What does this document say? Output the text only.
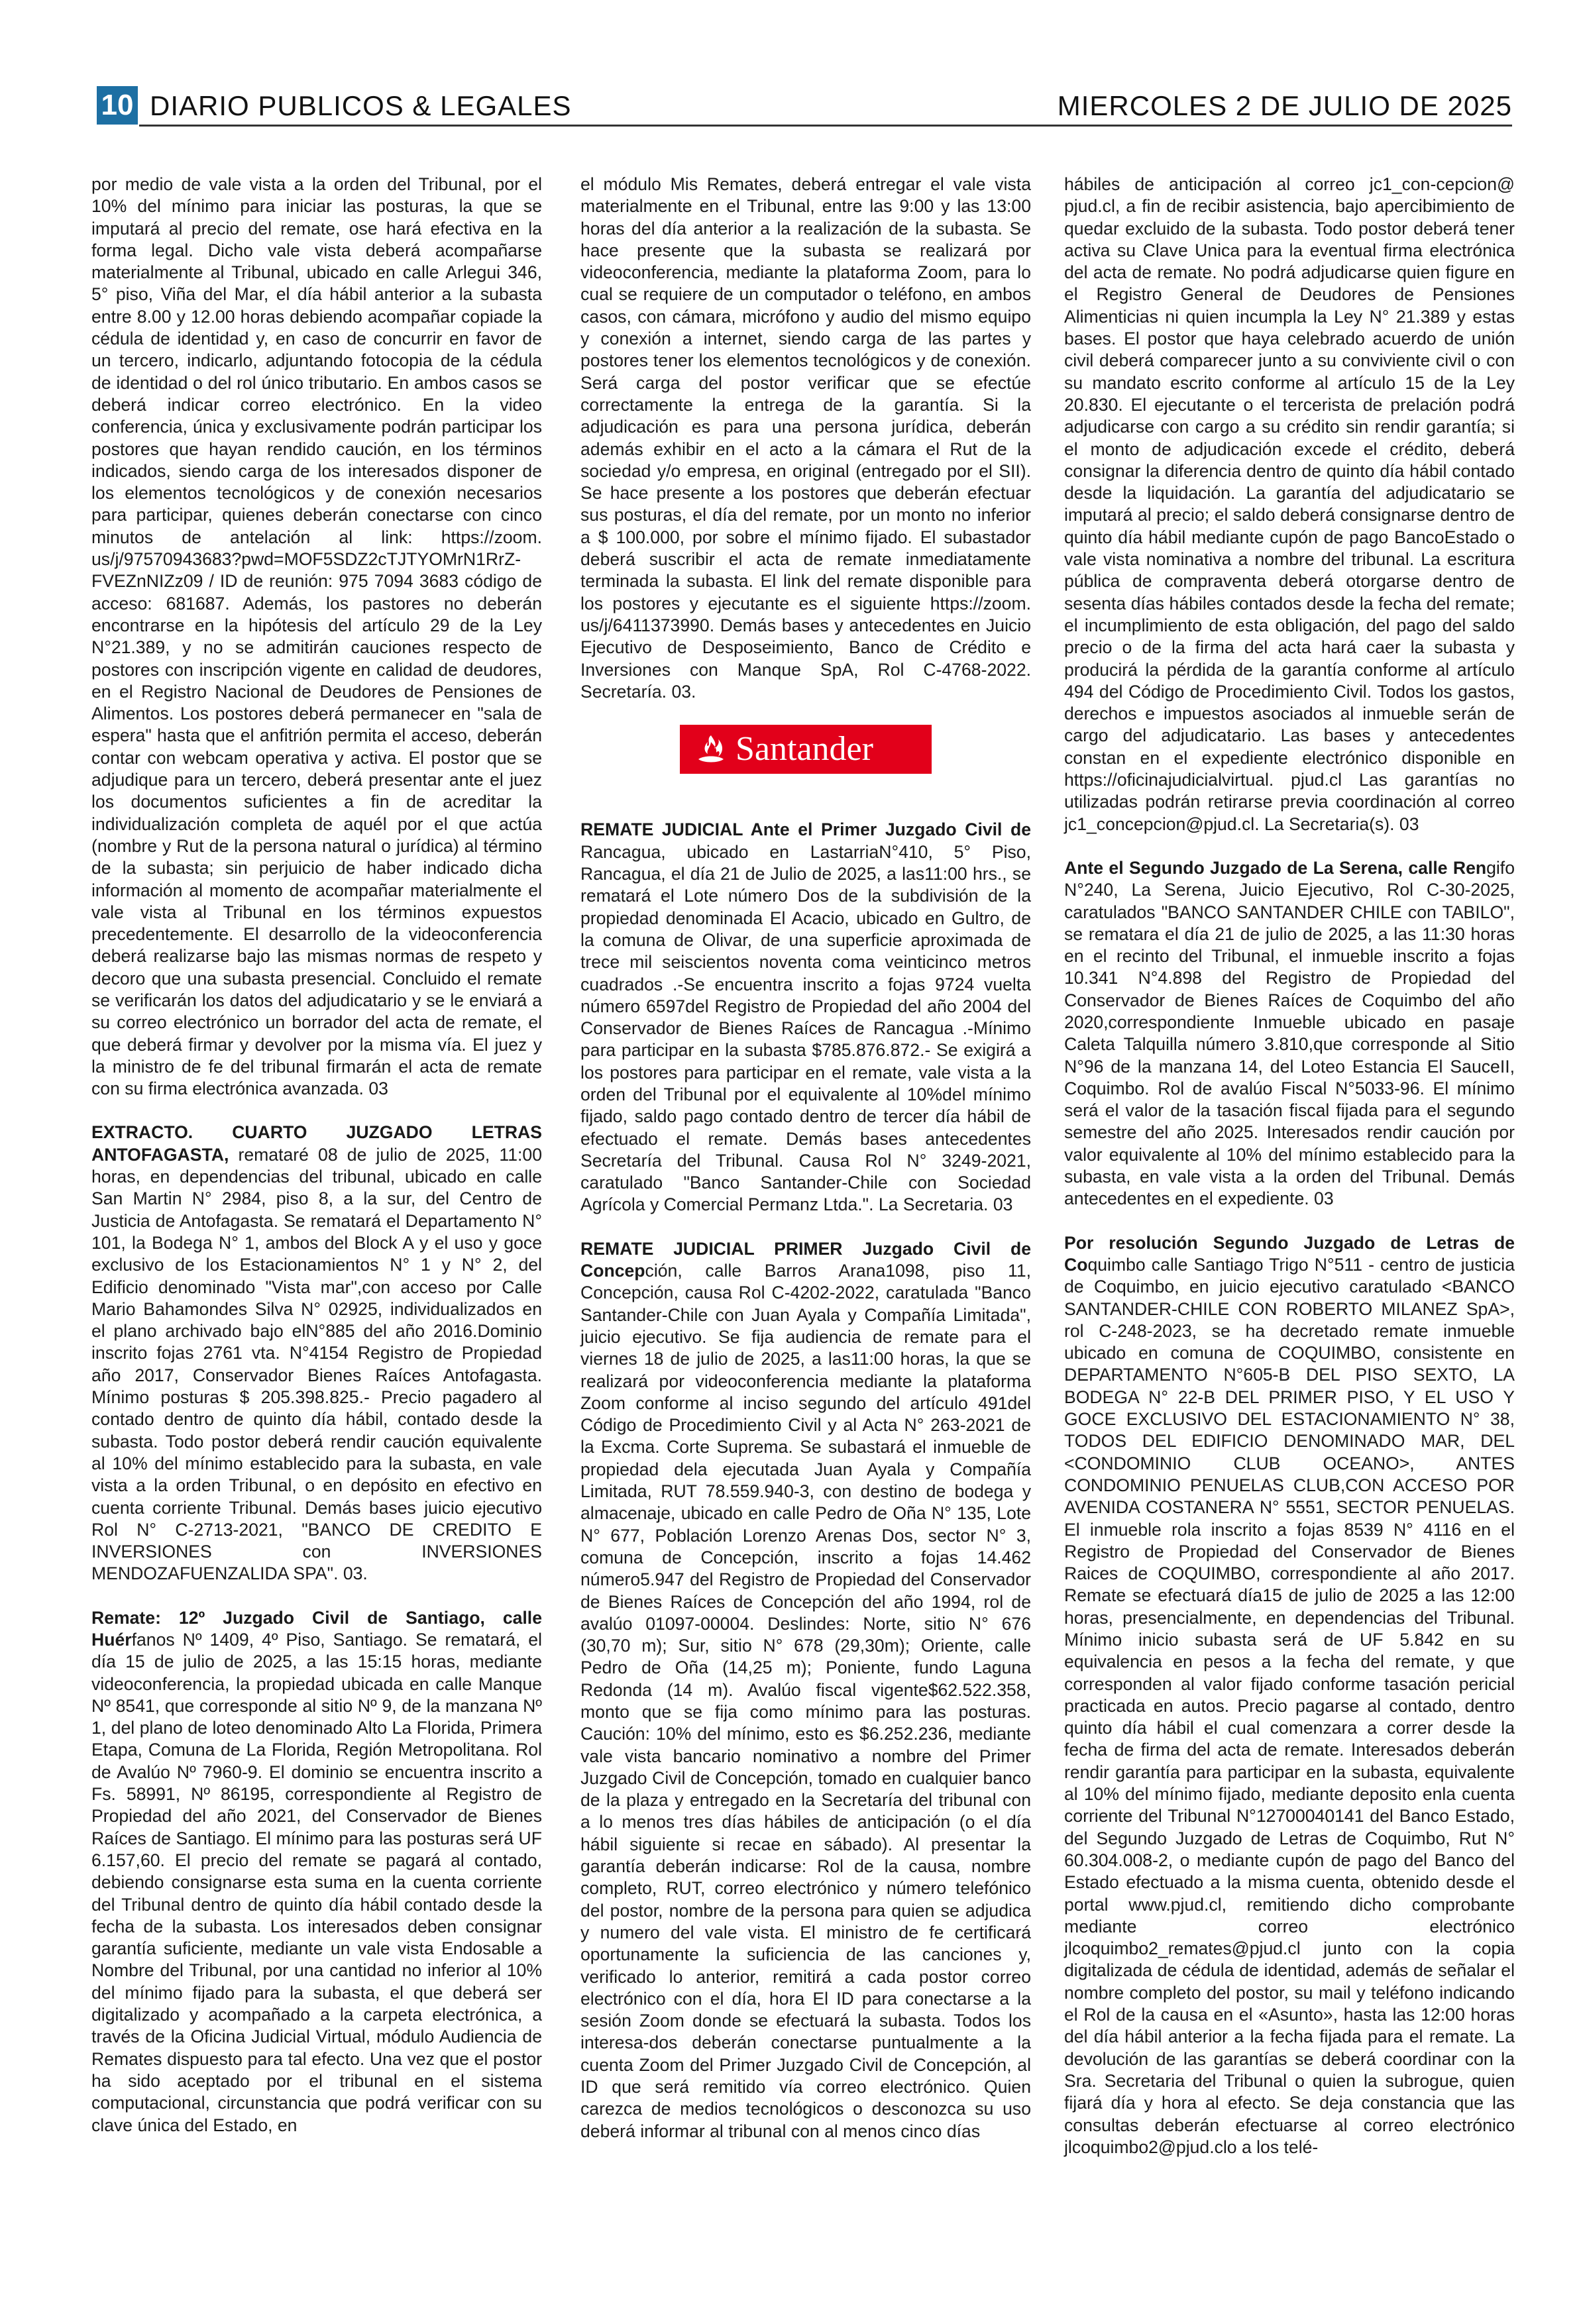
10 DIARIO PUBLICOS & LEGALES	MIERCOLES 2 DE JULIO DE 2025

por medio de vale vista a la orden del Tribunal, por el 10% del mínimo para iniciar las posturas, la que se imputará al precio del remate, ose hará efectiva en la forma legal. Dicho vale vista deberá acompañarse materialmente al Tribunal, ubicado en calle Arlegui 346, 5° piso, Viña del Mar, el día hábil anterior a la subasta entre 8.00 y 12.00 horas debiendo acompañar copiade la cédula de identidad y, en caso de concurrir en favor de un tercero, indicarlo, adjuntando fotocopia de la cédula de identidad o del rol único tributario. En ambos casos se deberá indicar correo electrónico. En la video conferencia, única y exclusivamente podrán participar los postores que hayan rendido caución, en los términos indicados, siendo carga de los interesados disponer de los elementos tecnológicos y de conexión necesarios para participar, quienes deberán conectarse con cinco minutos de antelación al link: https://zoom. us/j/97570943683?pwd=MOF5SDZ2cTJTYOMrN1RrZ-FVEZnNIZz09 / ID de reunión: 975 7094 3683 código de acceso: 681687. Además, los pastores no deberán encontrarse en la hipótesis del artículo 29 de la Ley N°21.389, y no se admitirán cauciones respecto de postores con inscripción vigente en calidad de deudores, en el Registro Nacional de Deudores de Pensiones de Alimentos. Los postores deberá permanecer en "sala de espera" hasta que el anfitrión permita el acceso, deberán contar con webcam operativa y activa. El postor que se adjudique para un tercero, deberá presentar ante el juez los documentos suficientes a fin de acreditar la individualización completa de aquél por el que actúa (nombre y Rut de la persona natural o jurídica) al término de la subasta; sin perjuicio de haber indicado dicha información al momento de acompañar materialmente el vale vista al Tribunal en los términos expuestos precedentemente. El desarrollo de la videoconferencia deberá realizarse bajo las mismas normas de respeto y decoro que una subasta presencial. Concluido el remate se verificarán los datos del adjudicatario y se le enviará a su correo electrónico un borrador del acta de remate, el que deberá firmar y devolver por la misma vía. El juez y la ministro de fe del tribunal firmarán el acta de remate con su firma electrónica avanzada. 03

EXTRACTO. CUARTO JUZGADO LETRAS ANTOFAGASTA, remataré 08 de julio de 2025, 11:00 horas, en dependencias del tribunal, ubicado en calle San Martin N° 2984, piso 8, a la sur, del Centro de Justicia de Antofagasta. Se rematará el Departamento N° 101, la Bodega N° 1, ambos del Block A y el uso y goce exclusivo de los Estacionamientos N° 1 y N° 2, del Edificio denominado "Vista mar",con acceso por Calle Mario Bahamondes Silva N° 02925, individualizados en el plano archivado bajo elN°885 del año 2016.Dominio inscrito fojas 2761 vta. N°4154 Registro de Propiedad año 2017, Conservador Bienes Raíces Antofagasta. Mínimo posturas $ 205.398.825.- Precio pagadero al contado dentro de quinto día hábil, contado desde la subasta. Todo postor deberá rendir caución equivalente al 10% del mínimo establecido para la subasta, en vale vista a la orden Tribunal, o en depósito en efectivo en cuenta corriente Tribunal. Demás bases juicio ejecutivo Rol N° C-2713-2021, "BANCO DE CREDITO E INVERSIONES con INVERSIONES MENDOZAFUENZALIDA SPA". 03.

Remate: 12º Juzgado Civil de Santiago, calle Huérfanos Nº 1409, 4º Piso, Santiago. Se rematará, el día 15 de julio de 2025, a las 15:15 horas, mediante videoconferencia, la propiedad ubicada en calle Manque Nº 8541, que corresponde al sitio Nº 9, de la manzana Nº 1, del plano de loteo denominado Alto La Florida, Primera Etapa, Comuna de La Florida, Región Metropolitana. Rol de Avalúo Nº 7960-9. El dominio se encuentra inscrito a Fs. 58991, Nº 86195, correspondiente al Registro de Propiedad del año 2021, del Conservador de Bienes Raíces de Santiago. El mínimo para las posturas será UF 6.157,60. El precio del remate se pagará al contado, debiendo consignarse esta suma en la cuenta corriente del Tribunal dentro de quinto día hábil contado desde la fecha de la subasta. Los interesados deben consignar garantía suficiente, mediante un vale vista Endosable a Nombre del Tribunal, por una cantidad no inferior al 10% del mínimo fijado para la subasta, el que deberá ser digitalizado y acompañado a la carpeta electrónica, a través de la Oficina Judicial Virtual, módulo Audiencia de Remates dispuesto para tal efecto. Una vez que el postor ha sido aceptado por el tribunal en el sistema computacional, circunstancia que podrá verificar con su clave única del Estado, en

el módulo Mis Remates, deberá entregar el vale vista materialmente en el Tribunal, entre las 9:00 y las 13:00 horas del día anterior a la realización de la subasta. Se hace presente que la subasta se realizará por videoconferencia, mediante la plataforma Zoom, para lo cual se requiere de un computador o teléfono, en ambos casos, con cámara, micrófono y audio del mismo equipo y conexión a internet, siendo carga de las partes y postores tener los elementos tecnológicos y de conexión. Será carga del postor verificar que se efectúe correctamente la entrega de la garantía. Si la adjudicación es para una persona jurídica, deberán además exhibir en el acto a la cámara el Rut de la sociedad y/o empresa, en original (entregado por el SII). Se hace presente a los postores que deberán efectuar sus posturas, el día del remate, por un monto no inferior a $ 100.000, por sobre el mínimo fijado. El subastador deberá suscribir el acta de remate inmediatamente terminada la subasta. El link del remate disponible para los postores y ejecutante es el siguiente https://zoom. us/j/6411373990. Demás bases y antecedentes en Juicio Ejecutivo de Desposeimiento, Banco de Crédito e Inversiones con Manque SpA, Rol C-4768-2022. Secretaría. 03.

Santander

REMATE JUDICIAL Ante el Primer Juzgado Civil de Rancagua, ubicado en LastarriaN°410, 5° Piso, Rancagua, el día 21 de Julio de 2025, a las11:00 hrs., se rematará el Lote número Dos de la subdivisión de la propiedad denominada El Acacio, ubicado en Gultro, de la comuna de Olivar, de una superficie aproximada de trece mil seiscientos noventa coma veinticinco metros cuadrados .-Se encuentra inscrito a fojas 9724 vuelta número 6597del Registro de Propiedad del año 2004 del Conservador de Bienes Raíces de Rancagua .-Mínimo para participar en la subasta $785.876.872.- Se exigirá a los postores para participar en el remate, vale vista a la orden del Tribunal por el equivalente al 10%del mínimo fijado, saldo pago contado dentro de tercer día hábil de efectuado el remate. Demás bases antecedentes Secretaría del Tribunal. Causa Rol N° 3249-2021, caratulado "Banco Santander-Chile con Sociedad Agrícola y Comercial Permanz Ltda.". La Secretaria. 03

REMATE JUDICIAL PRIMER Juzgado Civil de Concepción, calle Barros Arana1098, piso 11, Concepción, causa Rol C-4202-2022, caratulada "Banco Santander-Chile con Juan Ayala y Compañía Limitada", juicio ejecutivo. Se fija audiencia de remate para el viernes 18 de julio de 2025, a las11:00 horas, la que se realizará por videoconferencia mediante la plataforma Zoom conforme al inciso segundo del artículo 491del Código de Procedimiento Civil y al Acta N° 263-2021 de la Excma. Corte Suprema. Se subastará el inmueble de propiedad dela ejecutada Juan Ayala y Compañía Limitada, RUT 78.559.940-3, con destino de bodega y almacenaje, ubicado en calle Pedro de Oña N° 135, Lote N° 677, Población Lorenzo Arenas Dos, sector N° 3, comuna de Concepción, inscrito a fojas 14.462 número5.947 del Registro de Propiedad del Conservador de Bienes Raíces de Concepción del año 1994, rol de avalúo 01097-00004. Deslindes: Norte, sitio N° 676 (30,70 m); Sur, sitio N° 678 (29,30m); Oriente, calle Pedro de Oña (14,25 m); Poniente, fundo Laguna Redonda (14 m). Avalúo fiscal vigente$62.522.358, monto que se fija como mínimo para las posturas. Caución: 10% del mínimo, esto es $6.252.236, mediante vale vista bancario nominativo a nombre del Primer Juzgado Civil de Concepción, tomado en cualquier banco de la plaza y entregado en la Secretaría del tribunal con a lo menos tres días hábiles de anticipación (o el día hábil siguiente si recae en sábado). Al presentar la garantía deberán indicarse: Rol de la causa, nombre completo, RUT, correo electrónico y número telefónico del postor, nombre de la persona para quien se adjudica y numero del vale vista. El ministro de fe certificará oportunamente la suficiencia de las canciones y, verificado lo anterior, remitirá a cada postor correo electrónico con el día, hora El ID para conectarse a la sesión Zoom donde se efectuará la subasta. Todos los interesa-dos deberán conectarse puntualmente a la cuenta Zoom del Primer Juzgado Civil de Concepción, al ID que será remitido vía correo electrónico. Quien carezca de medios tecnológicos o desconozca su uso deberá informar al tribunal con al menos cinco días

hábiles de anticipación al correo jc1_con-cepcion@ pjud.cl, a fin de recibir asistencia, bajo apercibimiento de quedar excluido de la subasta. Todo postor deberá tener activa su Clave Unica para la eventual firma electrónica del acta de remate. No podrá adjudicarse quien figure en el Registro General de Deudores de Pensiones Alimenticias ni quien incumpla la Ley N° 21.389 y estas bases. El postor que haya celebrado acuerdo de unión civil deberá comparecer junto a su conviviente civil o con su mandato escrito conforme al artículo 15 de la Ley 20.830. El ejecutante o el tercerista de prelación podrá adjudicarse con cargo a su crédito sin rendir garantía; si el monto de adjudicación excede el crédito, deberá consignar la diferencia dentro de quinto día hábil contado desde la liquidación. La garantía del adjudicatario se imputará al precio; el saldo deberá consignarse dentro de quinto día hábil mediante cupón de pago BancoEstado o vale vista nominativa a nombre del tribunal. La escritura pública de compraventa deberá otorgarse dentro de sesenta días hábiles contados desde la fecha del remate; el incumplimiento de esta obligación, del pago del saldo precio o de la firma del acta hará caer la subasta y producirá la pérdida de la garantía conforme al artículo 494 del Código de Procedimiento Civil. Todos los gastos, derechos e impuestos asociados al inmueble serán de cargo del adjudicatario. Las bases y antecedentes constan en el expediente electrónico disponible en https://oficinajudicialvirtual. pjud.cl Las garantías no utilizadas podrán retirarse previa coordinación al correo jc1_concepcion@pjud.cl. La Secretaria(s). 03

Ante el Segundo Juzgado de La Serena, calle Rengifo N°240, La Serena, Juicio Ejecutivo, Rol C-30-2025, caratulados "BANCO SANTANDER CHILE con TABILO", se rematara el día 21 de julio de 2025, a las 11:30 horas en el recinto del Tribunal, el inmueble inscrito a fojas 10.341 N°4.898 del Registro de Propiedad del Conservador de Bienes Raíces de Coquimbo del año 2020,correspondiente Inmueble ubicado en pasaje Caleta Talquilla número 3.810,que corresponde al Sitio N°96 de la manzana 14, del Loteo Estancia El SauceII, Coquimbo. Rol de avalúo Fiscal N°5033-96. El mínimo será el valor de la tasación fiscal fijada para el segundo semestre del año 2025. Interesados rendir caución por valor equivalente al 10% del mínimo establecido para la subasta, en vale vista a la orden del Tribunal. Demás antecedentes en el expediente. 03

Por resolución Segundo Juzgado de Letras de Coquimbo calle Santiago Trigo N°511 - centro de justicia de Coquimbo, en juicio ejecutivo caratulado <BANCO SANTANDER-CHILE CON ROBERTO MILANEZ SpA>, rol C-248-2023, se ha decretado remate inmueble ubicado en comuna de COQUIMBO, consistente en DEPARTAMENTO N°605-B DEL PISO SEXTO, LA BODEGA N° 22-B DEL PRIMER PISO, Y EL USO Y GOCE EXCLUSIVO DEL ESTACIONAMIENTO N° 38, TODOS DEL EDIFICIO DENOMINADO MAR, DEL <CONDOMINIO CLUB OCEANO>, ANTES CONDOMINIO PENUELAS CLUB,CON ACCESO POR AVENIDA COSTANERA N° 5551, SECTOR PENUELAS. El inmueble rola inscrito a fojas 8539 N° 4116 en el Registro de Propiedad del Conservador de Bienes Raices de COQUIMBO, correspondiente al año 2017. Remate se efectuará día15 de julio de 2025 a las 12:00 horas, presencialmente, en dependencias del Tribunal. Mínimo inicio subasta será de UF 5.842 en su equivalencia en pesos a la fecha del remate, y que corresponden al valor fijado conforme tasación pericial practicada en autos. Precio pagarse al contado, dentro quinto día hábil el cual comenzara a correr desde la fecha de firma del acta de remate. Interesados deberán rendir garantía para participar en la subasta, equivalente al 10% del mínimo fijado, mediante deposito enla cuenta corriente del Tribunal N°12700040141 del Banco Estado, del Segundo Juzgado de Letras de Coquimbo, Rut N° 60.304.008-2, o mediante cupón de pago del Banco del Estado efectuado a la misma cuenta, obtenido desde el portal www.pjud.cl, remitiendo dicho comprobante mediante correo electrónico jlcoquimbo2_remates@pjud.cl junto con la copia digitalizada de cédula de identidad, además de señalar el nombre completo del postor, su mail y teléfono indicando el Rol de la causa en el «Asunto», hasta las 12:00 horas del día hábil anterior a la fecha fijada para el remate. La devolución de las garantías se deberá coordinar con la Sra. Secretaria del Tribunal o quien la subrogue, quien fijará día y hora al efecto. Se deja constancia que las consultas deberán efectuarse al correo electrónico jlcoquimbo2@pjud.clo a los telé-
